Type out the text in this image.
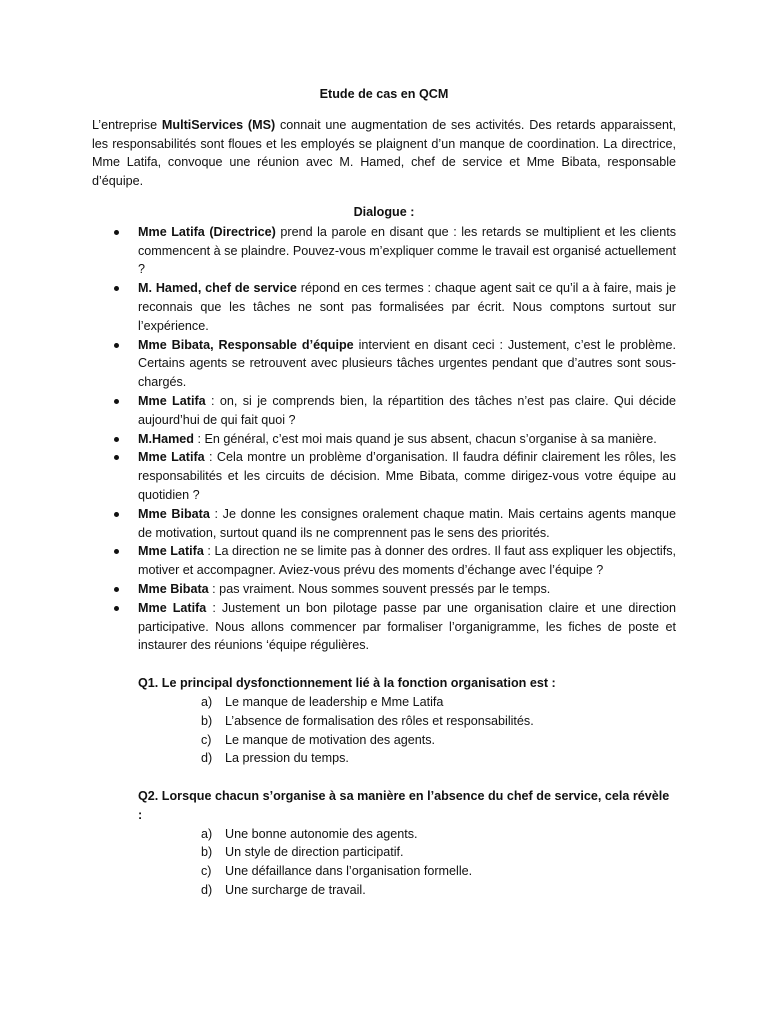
Etude de cas en QCM

L’entreprise MultiServices (MS) connait une augmentation de ses activités. Des retards apparaissent, les responsabilités sont floues et les employés se plaignent d’un manque de coordination. La directrice, Mme Latifa, convoque une réunion avec M. Hamed, chef de service et Mme Bibata, responsable d’équipe.

Dialogue :
Mme Latifa (Directrice) prend la parole en disant que : les retards se multiplient et les clients commencent à se plaindre. Pouvez-vous m’expliquer comme le travail est organisé actuellement ?
M. Hamed, chef de service répond en ces termes : chaque agent sait ce qu’il a à faire, mais je reconnais que les tâches ne sont pas formalisées par écrit. Nous comptons surtout sur l’expérience.
Mme Bibata, Responsable d’équipe intervient en disant ceci : Justement, c’est le problème. Certains agents se retrouvent avec plusieurs tâches urgentes pendant que d’autres sont sous-chargés.
Mme Latifa : on, si je comprends bien, la répartition des tâches n’est pas claire. Qui décide aujourd’hui de qui fait quoi ?
M.Hamed : En général, c’est moi mais quand je sus absent, chacun s’organise à sa manière.
Mme Latifa : Cela montre un problème d’organisation. Il faudra définir clairement les rôles, les responsabilités et les circuits de décision. Mme Bibata, comme dirigez-vous votre équipe au quotidien ?
Mme Bibata : Je donne les consignes oralement chaque matin. Mais certains agents manque de motivation, surtout quand ils ne comprennent pas le sens des priorités.
Mme Latifa : La direction ne se limite pas à donner des ordres. Il faut ass expliquer les objectifs, motiver et accompagner. Aviez-vous prévu des moments d’échange avec l’équipe ?
Mme Bibata : pas vraiment. Nous sommes souvent pressés par le temps.
Mme Latifa : Justement un bon pilotage passe par une organisation claire et une direction participative. Nous allons commencer par formaliser l’organigramme, les fiches de poste et instaurer des réunions ‘équipe régulières.

Q1. Le principal dysfonctionnement lié à la fonction organisation est :

a) Le manque de leadership e Mme Latifa
b) L’absence de formalisation des rôles et responsabilités.
c) Le manque de motivation des agents.
d) La pression du temps.

Q2. Lorsque chacun s’organise à sa manière en l’absence du chef de service, cela révèle :

a) Une bonne autonomie des agents.
b) Un style de direction participatif.
c) Une défaillance dans l’organisation formelle.
d) Une surcharge de travail.
